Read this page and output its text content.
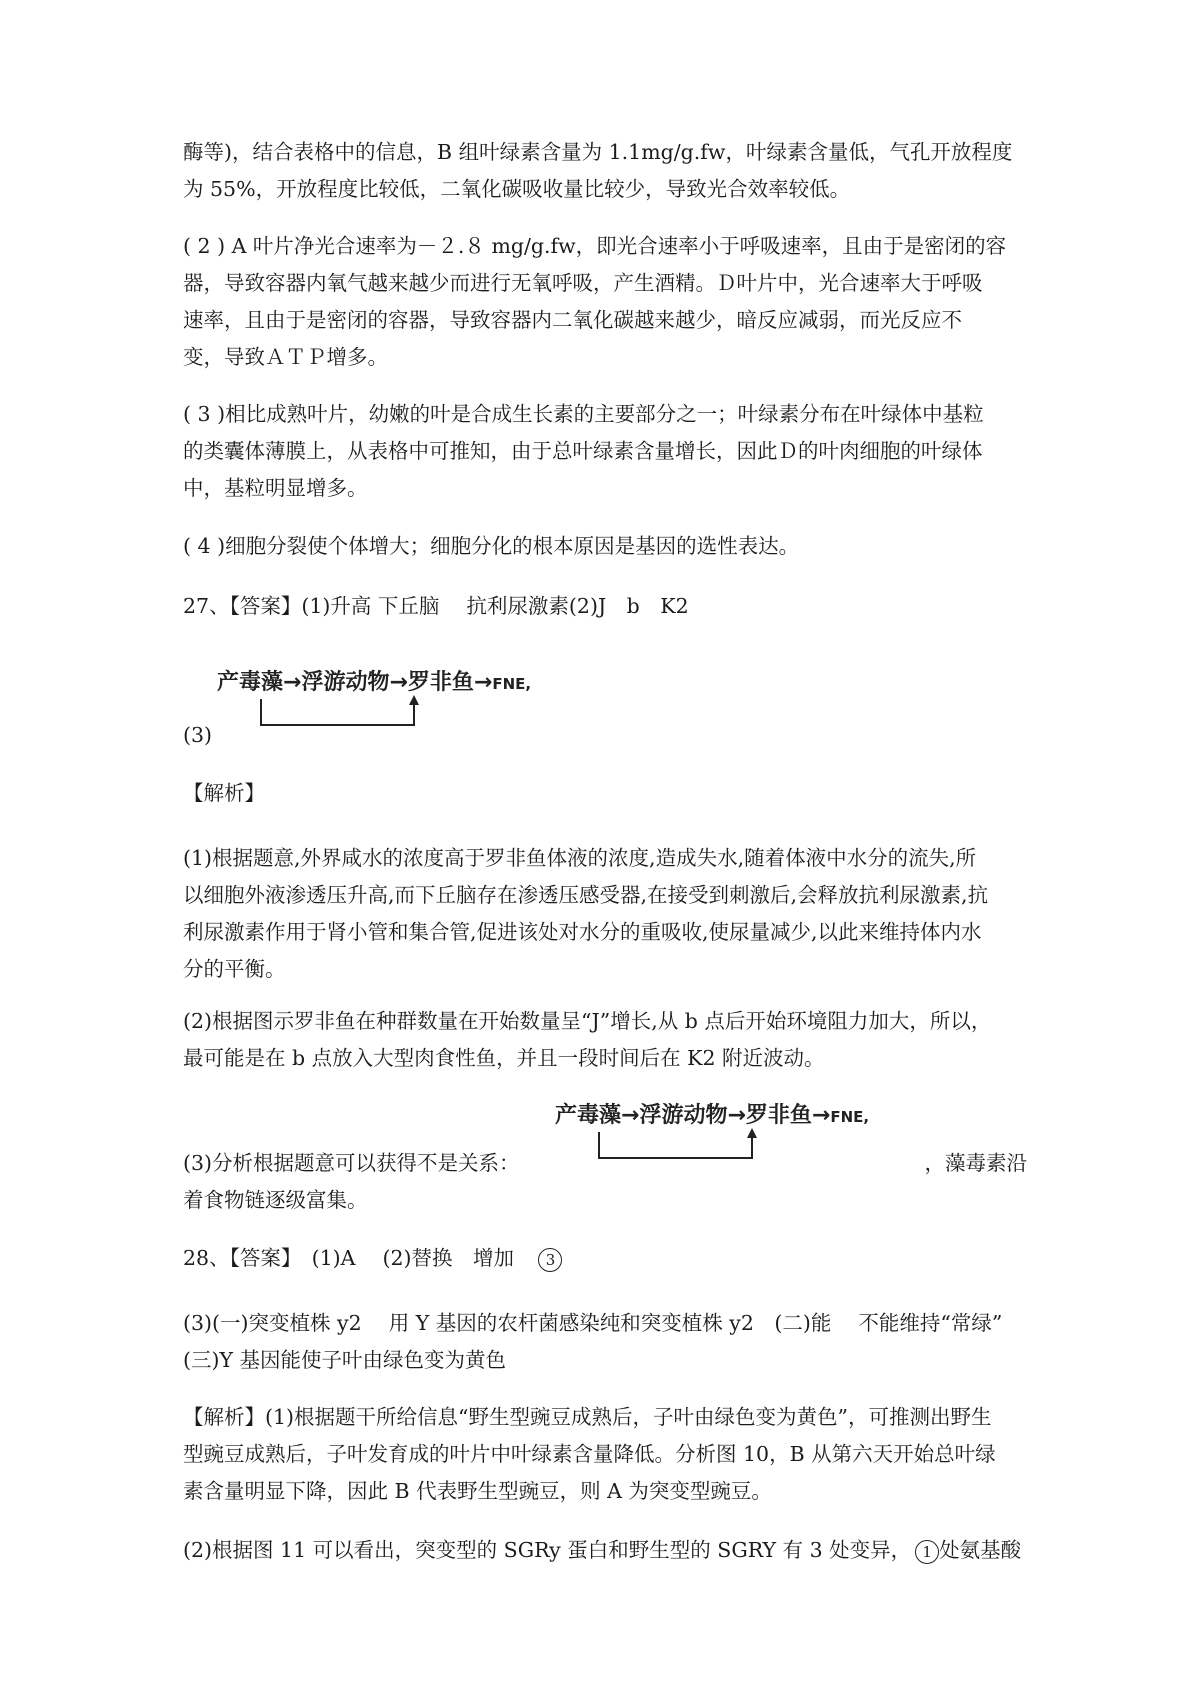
酶等)，结合表格中的信息，B 组叶绿素含量为 1.1mg/g.fw，叶绿素含量低，气孔开放程度

为 55%，开放程度比较低，二氧化碳吸收量比较少，导致光合效率较低。

( 2 ) A 叶片净光合速率为－２.８ mg/g.fw，即光合速率小于呼吸速率，且由于是密闭的容

器，导致容器内氧气越来越少而进行无氧呼吸，产生酒精。Ｄ叶片中，光合速率大于呼吸

速率，且由于是密闭的容器，导致容器内二氧化碳越来越少，暗反应减弱，而光反应不

变，导致ＡＴＰ增多。

( 3 )相比成熟叶片，幼嫩的叶是合成生长素的主要部分之一；叶绿素分布在叶绿体中基粒

的类囊体薄膜上，从表格中可推知，由于总叶绿素含量增长，因此Ｄ的叶肉细胞的叶绿体

中，基粒明显增多。

( 4 )细胞分裂使个体增大；细胞分化的根本原因是基因的选性表达。

27、【答案】(1)升高 下丘脑　 抗利尿激素(2)J　b　K2

产毒藻→浮游动物→罗非鱼→FNE,

(3)

【解析】

(1)根据题意,外界咸水的浓度高于罗非鱼体液的浓度,造成失水,随着体液中水分的流失,所

以细胞外液渗透压升高,而下丘脑存在渗透压感受器,在接受到刺激后,会释放抗利尿激素,抗

利尿激素作用于肾小管和集合管,促进该处对水分的重吸收,使尿量减少,以此来维持体内水

分的平衡。

(2)根据图示罗非鱼在种群数量在开始数量呈“J”增长,从 b 点后开始环境阻力加大，所以，

最可能是在 b 点放入大型肉食性鱼，并且一段时间后在 K2 附近波动。

产毒藻→浮游动物→罗非鱼→FNE,

(3)分析根据题意可以获得不是关系：	，藻毒素沿

着食物链逐级富集。

28、【答案】　(1)A　 (2)替换　增加　3

(3)(一)突变植株 y2　 用 Y 基因的农杆菌感染纯和突变植株 y2　(二)能　 不能维持“常绿”

(三)Y 基因能使子叶由绿色变为黄色

【解析】(1)根据题干所给信息“野生型豌豆成熟后，子叶由绿色变为黄色”，可推测出野生

型豌豆成熟后，子叶发育成的叶片中叶绿素含量降低。分析图 10，B 从第六天开始总叶绿

素含量明显下降，因此 B 代表野生型豌豆，则 A 为突变型豌豆。

(2)根据图 11 可以看出，突变型的 SGRy 蛋白和野生型的 SGRY 有 3 处变异， 1 处氨基酸
